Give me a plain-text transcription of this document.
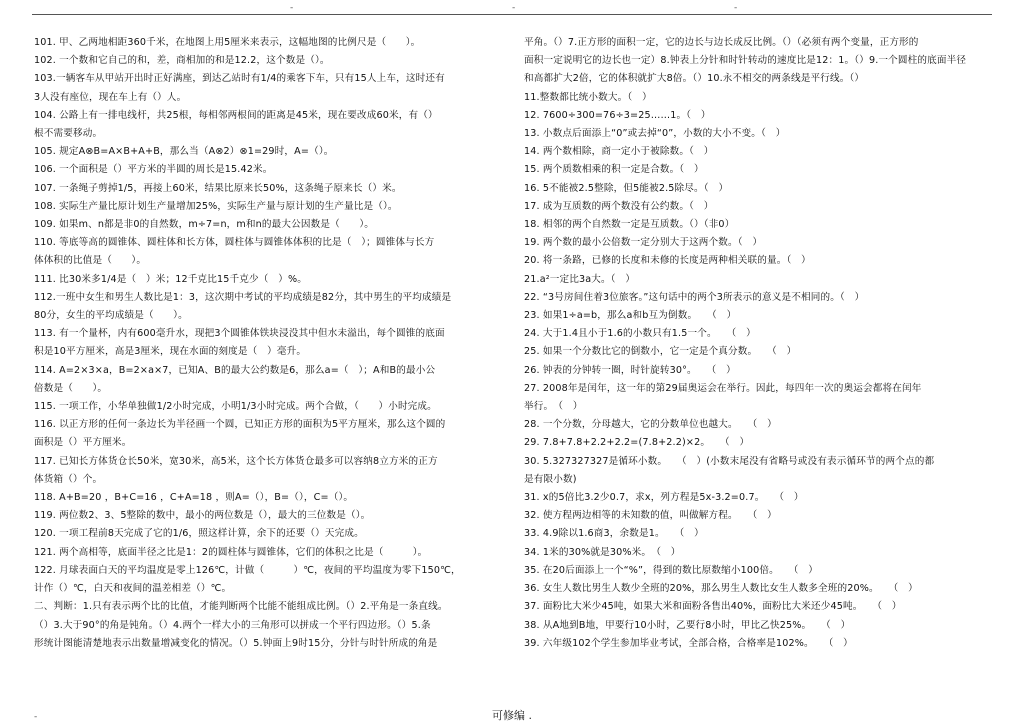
-	-	-
101. 甲、乙两地相距360千米，在地图上用5厘米来表示，这幅地图的比例尺是（　　）。
102. 一个数和它自己的和，差，商相加的和是12.2，这个数是（）。
103.一辆客车从甲站开出时正好满座，到达乙站时有1/4的乘客下车，只有15人上车，这时还有
3人没有座位，现在车上有（）人。
104. 公路上有一排电线杆，共25根，每相邻两根间的距离是45米，现在要改成60米，有（）
根不需要移动。
105. 规定A⊗B=A×B+A+B，那么当（A⊗2）⊗1=29时，A=（）。
106. 一个面积是（）平方米的半圆的周长是15.42米。
107. 一条绳子剪掉1/5，再接上60米，结果比原来长50%，这条绳子原来长（）米。
108. 实际生产量比原计划生产量增加25%，实际生产量与原计划的生产量比是（）。
109. 如果m、n都是非0的自然数，m÷7=n，m和n的最大公因数是（　　）。
110. 等底等高的圆锥体、圆柱体和长方体，圆柱体与圆锥体体积的比是（　）；圆锥体与长方
体体积的比值是（　　）。
111. 比30米多1/4是（　）米；12千克比15千克少（　）%。
112.一班中女生和男生人数比是1：3，这次期中考试的平均成绩是82分，其中男生的平均成绩是
80分，女生的平均成绩是（　　）。
113. 有一个量杯，内有600毫升水，现把3个圆锥体铁块浸没其中但水未溢出，每个圆锥的底面
积是10平方厘米，高是3厘米，现在水面的刻度是（　）毫升。
114. A=2×3×a，B=2×a×7，已知A、B的最大公约数是6，那么a=（　）；A和B的最小公
倍数是（　　）。
115. 一项工作，小华单独做1/2小时完成，小明1/3小时完成。两个合做，（　　）小时完成。
116. 以正方形的任何一条边长为半径画一个圆，已知正方形的面积为5平方厘米，那么这个圆的
面积是（）平方厘米。
117. 已知长方体货仓长50米，宽30米，高5米，这个长方体货仓最多可以容纳8立方米的正方
体货箱（）个。
118. A+B=20 ，B+C=16 ，C+A=18 ，则A=（），B=（），C=（）。
119. 两位数2、3、5整除的数中，最小的两位数是（），最大的三位数是（）。
120. 一项工程前8天完成了它的1/6，照这样计算，余下的还要（）天完成。
121. 两个高相等，底面半径之比是1：2的圆柱体与圆锥体，它们的体积之比是（　　　）。
122. 月球表面白天的平均温度是零上126℃，计做（　　　）℃，夜间的平均温度为零下150℃，
计作（）℃，白天和夜间的温差相差（）℃。
二、判断：1.只有表示两个比的比值，才能判断两个比能不能组成比例。（）2.平角是一条直线。
（）3.大于90°的角是钝角。（）4.两个一样大小的三角形可以拼成一个平行四边形。（）5.条
形统计图能清楚地表示出数量增减变化的情况。（）5.钟面上9时15分，分针与时针所成的角是
平角。（）7.正方形的面积一定，它的边长与边长成反比例。（）（必须有两个变量，正方形的
面积一定说明它的边长也一定）8.钟表上分针和时针转动的速度比是12：1。（）9.一个圆柱的底面半径
和高都扩大2倍，它的体积就扩大8倍。（）10.永不相交的两条线是平行线。（）
11.整数都比统小数大。（　）
12. 7600÷300=76÷3=25……1。（　）
13. 小数点后面添上“0”或去掉“0”，小数的大小不变。（　）
14. 两个数相除，商一定小于被除数。（　）
15. 两个质数相乘的积一定是合数。（　）
16. 5不能被2.5整除，但5能被2.5除尽。（　）
17. 成为互质数的两个数没有公约数。（　）
18. 相邻的两个自然数一定是互质数。（）（非0）
19. 两个数的最小公倍数一定分别大于这两个数。（　）
20. 将一条路，已修的长度和未修的长度是两种相关联的量。（　）
21.a²一定比3a大。（　）
22. “3号房间住着3位旅客。”这句话中的两个3所表示的意义是不相同的。（　）
23. 如果1÷a=b，那么a和b互为倒数。　　（　）
24. 大于1.4且小于1.6的小数只有1.5一个。　　（　）
25. 如果一个分数比它的倒数小，它一定是个真分数。　　（　）
26. 钟表的分钟转一圈，时针旋转30°。　　（　）
27. 2008年是闰年，这一年的第29届奥运会在举行。因此，每四年一次的奥运会都将在闰年
举行。　（　）
28. 一个分数，分母越大，它的分数单位也越大。　　（　）
29. 7.8+7.8+2.2+2.2=(7.8+2.2)×2。　　（　）
30. 5.327327327是循环小数。　　（　）(小数末尾没有省略号或没有表示循环节的两个点的都
是有限小数)
31. x的5倍比3.2少0.7，求x，列方程是5x-3.2=0.7。　　（　）
32. 使方程两边相等的未知数的值，叫做解方程。　　（　）
33. 4.9除以1.6商3，余数是1。　　（　）
34. 1米的30%就是30%米。　（　）
35. 在20后面添上一个“%”，得到的数比原数缩小100倍。　　（　）
36. 女生人数比男生人数少全班的20%，那么男生人数比女生人数多全班的20%。　　（　）
37. 面粉比大米少45吨，如果大米和面粉各售出40%，面粉比大米还少45吨。　　（　）
38. 从A地到B地，甲要行10小时，乙要行8小时，甲比乙快25%。　　（　）
39. 六年级102个学生参加毕业考试，全部合格，合格率是102%。　　（　）
-	可修编 .
